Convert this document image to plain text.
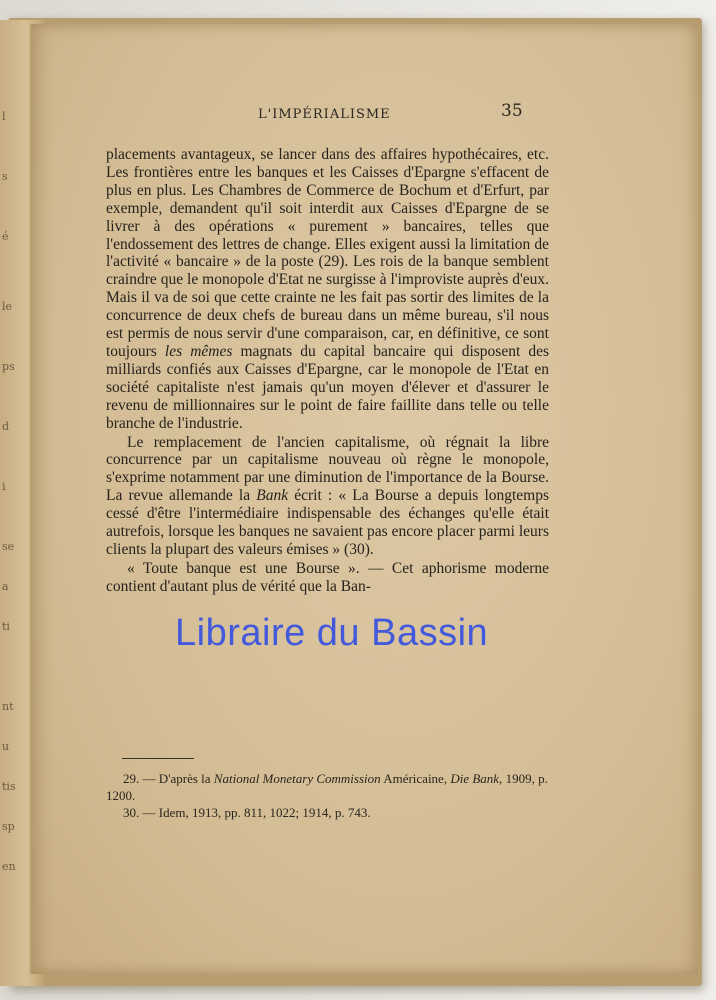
l
s
é
le
ps
d
i
se
a
ti
nt
u
tis
sp
en
L'IMPÉRIALISME	35

placements avantageux, se lancer dans des affaires hypothécaires, etc. Les frontières entre les banques et les Caisses d'Epargne s'effacent de plus en plus. Les Chambres de Commerce de Bochum et d'Erfurt, par exemple, demandent qu'il soit interdit aux Caisses d'Epargne de se livrer à des opérations « purement » bancaires, telles que l'endossement des lettres de change. Elles exigent aussi la limitation de l'activité « bancaire » de la poste (29). Les rois de la banque semblent craindre que le monopole d'Etat ne surgisse à l'improviste auprès d'eux. Mais il va de soi que cette crainte ne les fait pas sortir des limites de la concurrence de deux chefs de bureau dans un même bureau, s'il nous est permis de nous servir d'une comparaison, car, en définitive, ce sont toujours les mêmes magnats du capital bancaire qui disposent des milliards confiés aux Caisses d'Epargne, car le monopole de l'Etat en société capitaliste n'est jamais qu'un moyen d'élever et d'assurer le revenu de millionnaires sur le point de faire faillite dans telle ou telle branche de l'industrie.

Le remplacement de l'ancien capitalisme, où régnait la libre concurrence par un capitalisme nouveau où règne le monopole, s'exprime notamment par une diminution de l'importance de la Bourse. La revue allemande la Bank écrit : « La Bourse a depuis longtemps cessé d'être l'intermédiaire indispensable des échanges qu'elle était autrefois, lorsque les banques ne savaient pas encore placer parmi leurs clients la plupart des valeurs émises » (30).

« Toute banque est une Bourse ». — Cet aphorisme moderne contient d'autant plus de vérité que la Ban-

29. — D'après la National Monetary Commission Américaine, Die Bank, 1909, p. 1200.

30. — Idem, 1913, pp. 811, 1022; 1914, p. 743.

Libraire du Bassin
